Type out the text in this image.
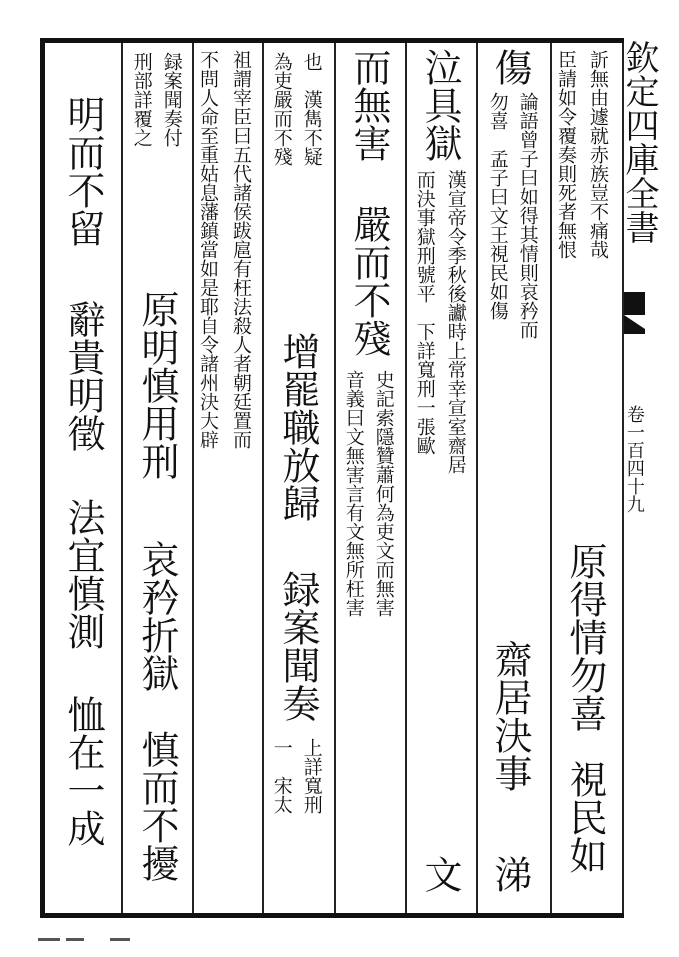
欽定四庫全書
卷一百四十九
訢無由遽就赤族豈不痛哉
臣請如令覆奏則死者無恨
原得情勿喜
視民如
傷
論語曾子曰如得其情則哀矜而
勿喜　孟子曰文王視民如傷
齋居決事
涕
泣具獄
漢宣帝令季秋後讞時上常幸宣室齋居
而決事獄刑號平　下詳寬刑一張歐
文
而無害
嚴而不殘
史記索隱贊蕭何為吏文而無害
音義曰文無害言有文無所枉害
也　漢雋不疑
為吏嚴而不殘
增罷職放歸
録案聞奏
上詳寬刑
一　宋太
祖謂宰臣曰五代諸侯跋扈有枉法殺人者朝廷置而
不問人命至重姑息藩鎮當如是耶自令諸州決大辟
録案聞奏付
刑部詳覆之
原明慎用刑
哀矜折獄
慎而不擾
明而不留
辭貴明徵
法宜慎測
恤在一成
